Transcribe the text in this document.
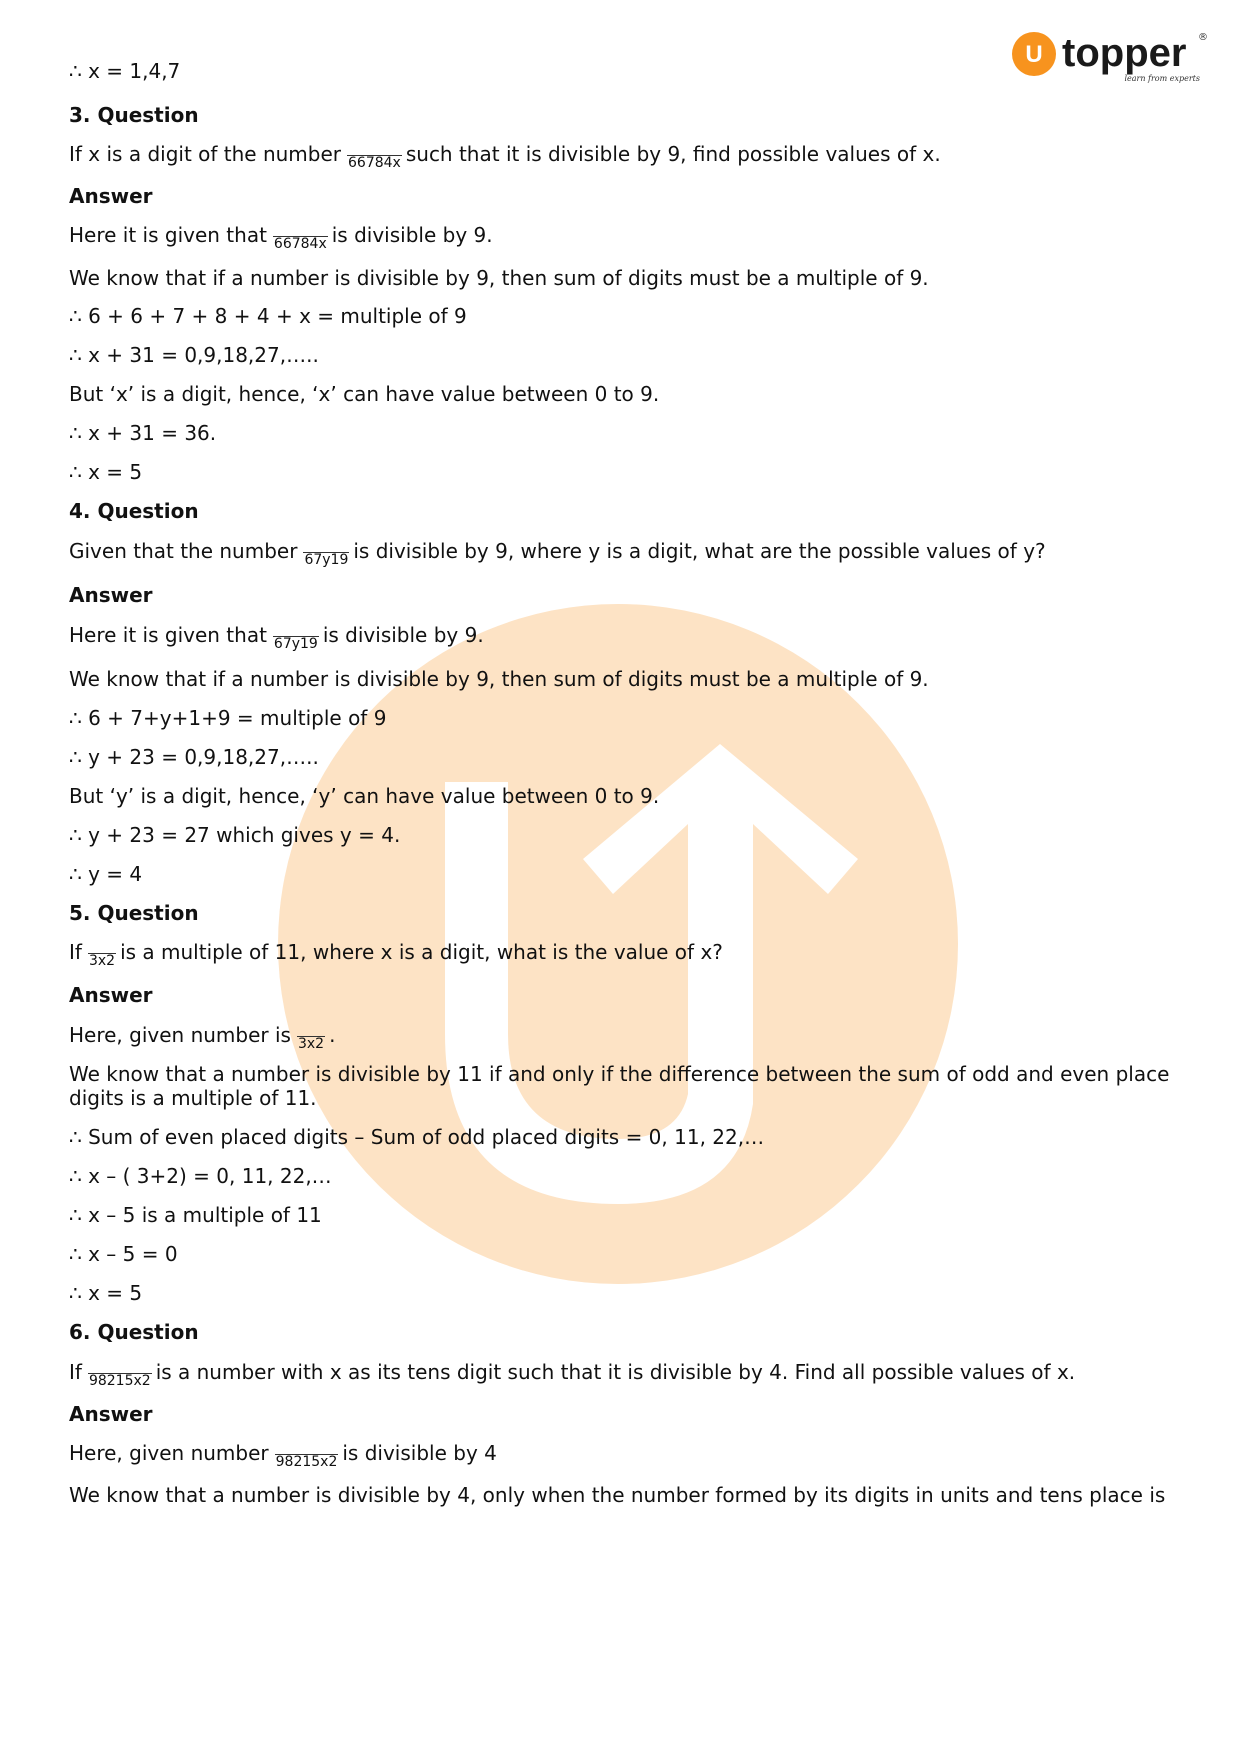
U topper ®
learn from experts
∴ x = 1,4,7
3. Question
If x is a digit of the number 66784x such that it is divisible by 9, find possible values of x.
Answer
Here it is given that 66784x is divisible by 9.
We know that if a number is divisible by 9, then sum of digits must be a multiple of 9.
∴ 6 + 6 + 7 + 8 + 4 + x = multiple of 9
∴ x + 31 = 0,9,18,27,…..
But ‘x’ is a digit, hence, ‘x’ can have value between 0 to 9.
∴ x + 31 = 36.
∴ x = 5
4. Question
Given that the number 67y19 is divisible by 9, where y is a digit, what are the possible values of y?
Answer
Here it is given that 67y19 is divisible by 9.
We know that if a number is divisible by 9, then sum of digits must be a multiple of 9.
∴ 6 + 7+y+1+9 = multiple of 9
∴ y + 23 = 0,9,18,27,…..
But ‘y’ is a digit, hence, ‘y’ can have value between 0 to 9.
∴ y + 23 = 27 which gives y = 4.
∴ y = 4
5. Question
If 3x2 is a multiple of 11, where x is a digit, what is the value of x?
Answer
Here, given number is 3x2 .
We know that a number is divisible by 11 if and only if the difference between the sum of odd and even place digits is a multiple of 11.
∴ Sum of even placed digits – Sum of odd placed digits = 0, 11, 22,…
∴ x – ( 3+2) = 0, 11, 22,…
∴ x – 5 is a multiple of 11
∴ x – 5 = 0
∴ x = 5
6. Question
If 98215x2 is a number with x as its tens digit such that it is divisible by 4. Find all possible values of x.
Answer
Here, given number 98215x2 is divisible by 4
We know that a number is divisible by 4, only when the number formed by its digits in units and tens place is
